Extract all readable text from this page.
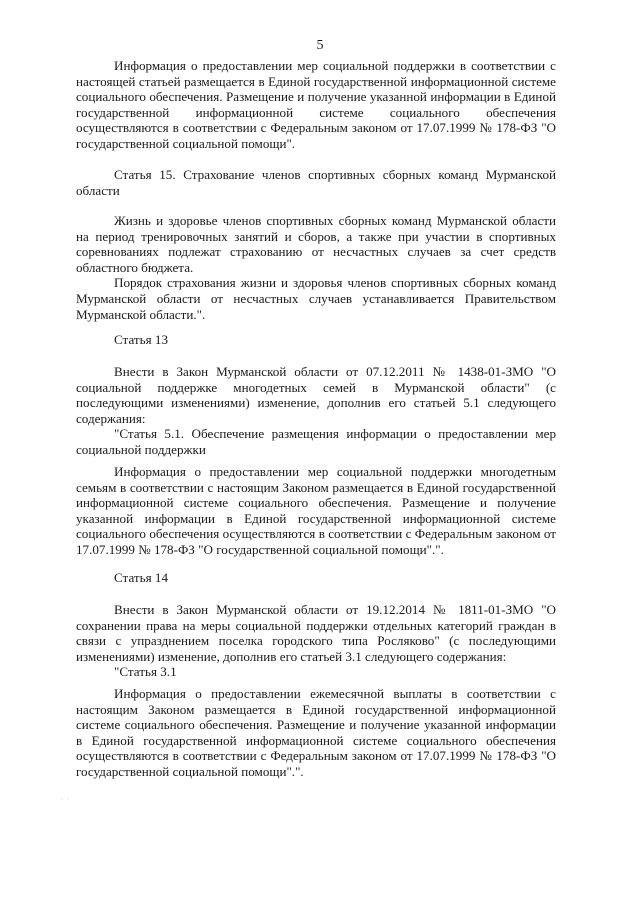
5

Информация о предоставлении мер социальной поддержки в соответствии с настоящей статьей размещается в Единой государственной информационной системе социального обеспечения. Размещение и получение указанной информации в Единой государственной информационной системе социального обеспечения осуществляются в соответствии с Федеральным законом от 17.07.1999 № 178-ФЗ "О государственной социальной помощи".

Статья 15. Страхование членов спортивных сборных команд Мурманской области

Жизнь и здоровье членов спортивных сборных команд Мурманской области на период тренировочных занятий и сборов, а также при участии в спортивных соревнованиях подлежат страхованию от несчастных случаев за счет средств областного бюджета.

Порядок страхования жизни и здоровья членов спортивных сборных команд Мурманской области от несчастных случаев устанавливается Правительством Мурманской области.".

Статья 13

Внести в Закон Мурманской области от 07.12.2011 № 1438-01-ЗМО "О социальной поддержке многодетных семей в Мурманской области" (с последующими изменениями) изменение, дополнив его статьей 5.1 следующего содержания:

"Статья 5.1. Обеспечение размещения информации о предоставлении мер социальной поддержки

Информация о предоставлении мер социальной поддержки многодетным семьям в соответствии с настоящим Законом размещается в Единой государственной информационной системе социального обеспечения. Размещение и получение указанной информации в Единой государственной информационной системе социального обеспечения осуществляются в соответствии с Федеральным законом от 17.07.1999 № 178-ФЗ "О государственной социальной помощи".".

Статья 14

Внести в Закон Мурманской области от 19.12.2014 № 1811-01-ЗМО "О сохранении права на меры социальной поддержки отдельных категорий граждан в связи с упразднением поселка городского типа Росляково" (с последующими изменениями) изменение, дополнив его статьей 3.1 следующего содержания:

"Статья 3.1

Информация о предоставлении ежемесячной выплаты в соответствии с настоящим Законом размещается в Единой государственной информационной системе социального обеспечения. Размещение и получение указанной информации в Единой государственной информационной системе социального обеспечения осуществляются в соответствии с Федеральным законом от 17.07.1999 № 178-ФЗ "О государственной социальной помощи".".

· ·
